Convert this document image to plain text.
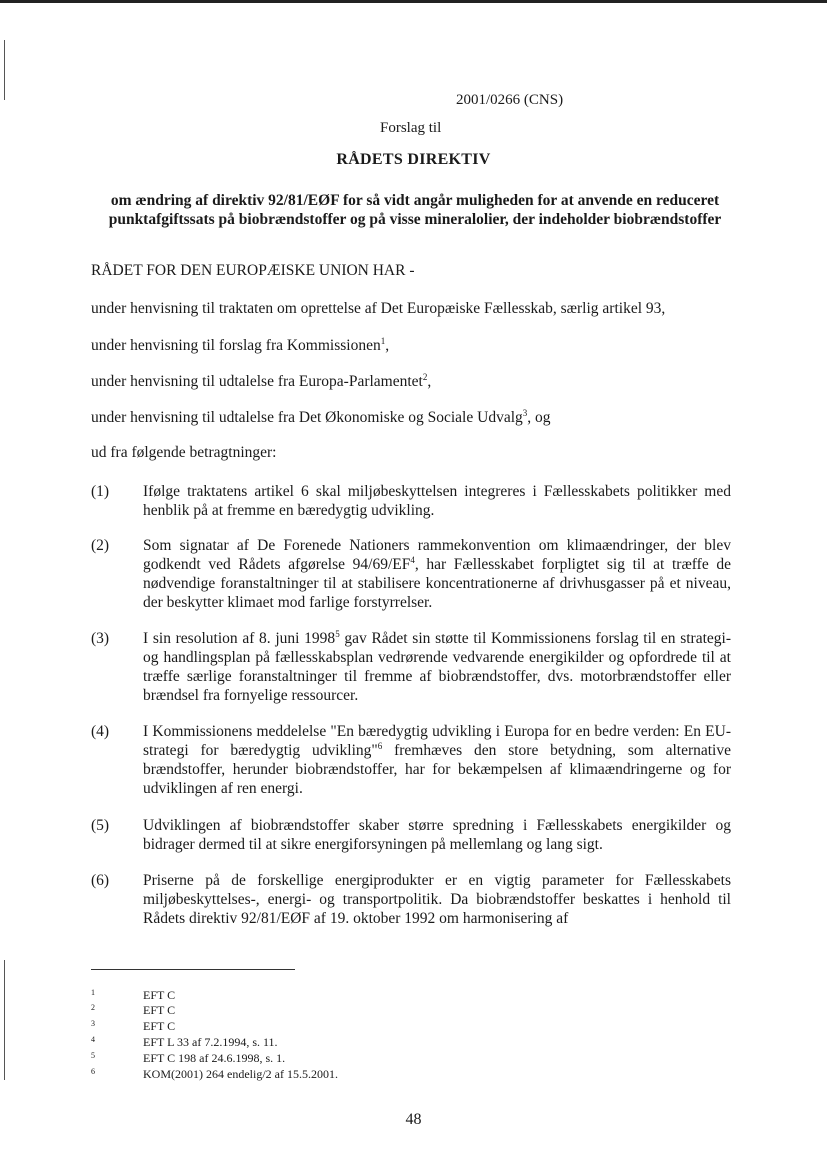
2001/0266 (CNS)
Forslag til
RÅDETS DIREKTIV
om ændring af direktiv 92/81/EØF for så vidt angår muligheden for at anvende en reduceret punktafgiftssats på biobrændstoffer og på visse mineralolier, der indeholder biobrændstoffer
RÅDET FOR DEN EUROPÆISKE UNION HAR -
under henvisning til traktaten om oprettelse af Det Europæiske Fællesskab, særlig artikel 93,
under henvisning til forslag fra Kommissionen$^1$,
under henvisning til udtalelse fra Europa-Parlamentet$^2$,
under henvisning til udtalelse fra Det Økonomiske og Sociale Udvalg$^3$, og
ud fra følgende betragtninger:
(1) Ifølge traktatens artikel 6 skal miljøbeskyttelsen integreres i Fællesskabets politikker med henblik på at fremme en bæredygtig udvikling.
(2) Som signatar af De Forenede Nationers rammekonvention om klimaændringer, der blev godkendt ved Rådets afgørelse $94/69/EF^4$, har Fællesskabet forpligtet sig til at træffe de nødvendige foranstaltninger til at stabilisere koncentrationerne af drivhusgasser på et niveau, der beskytter klimaet mod farlige forstyrrelser.
(3) I sin resolution af 8. juni 1998$^5$ gav Rådet sin støtte til Kommissionens forslag til en strategi- og handlingsplan på fællesskabsplan vedrørende vedvarende energikilder og opfordrede til at træffe særlige foranstaltninger til fremme af biobrændstoffer, dvs. motorbrændstoffer eller brændsel fra fornyelige ressourcer.
(4) I Kommissionens meddelelse "En bæredygtig udvikling i Europa for en bedre verden: En EU-strategi for bæredygtig udvikling"$^6$ fremhæves den store betydning, som alternative brændstoffer, herunder biobrændstoffer, har for bekæmpelsen af klimaændringerne og for udviklingen af ren energi.
(5) Udviklingen af biobrændstoffer skaber større spredning i Fællesskabets energikilder og bidrager dermed til at sikre energiforsyningen på mellemlang og lang sigt.
(6) Priserne på de forskellige energiprodukter er en vigtig parameter for Fællesskabets miljøbeskyttelses-, energi- og transportpolitik. Da biobrændstoffer beskattes i henhold til Rådets direktiv 92/81/EØF af 19. oktober 1992 om harmonisering af
1	EFT C
2	EFT C
3	EFT C
4	EFT L 33 af 7.2.1994, s. 11.
5	EFT C 198 af 24.6.1998, s. 1.
6	KOM(2001) 264 endelig/2 af 15.5.2001.
48
